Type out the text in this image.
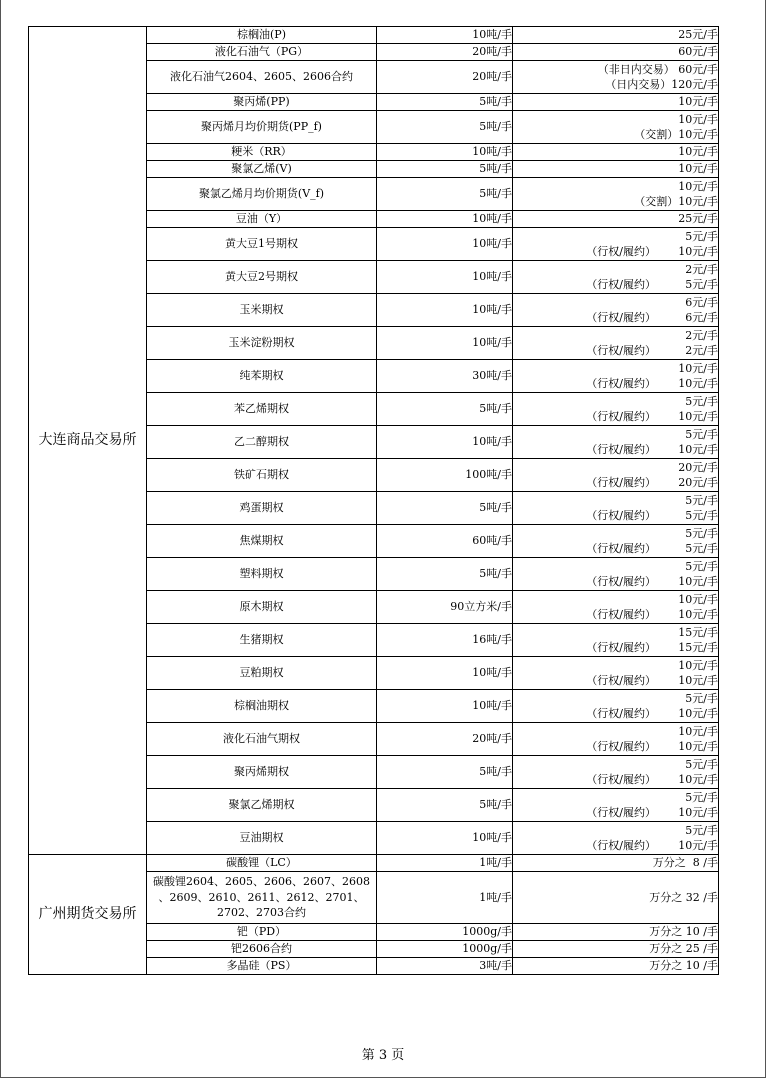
大连商品交易所	棕榈油(P)	10吨/手	25元/手

	液化石油气（PG）	20吨/手	60元/手

	液化石油气2604、2605、2606合约	20吨/手	（非日内交易） 60元/手
（日内交易）120元/手

	聚丙烯(PP)	5吨/手	10元/手

	聚丙烯月均价期货(PP_f)	5吨/手	10元/手
（交割）10元/手

	粳米（RR）	10吨/手	10元/手

	聚氯乙烯(V)	5吨/手	10元/手

	聚氯乙烯月均价期货(V_f)	5吨/手	10元/手
（交割）10元/手

	豆油（Y）	10吨/手	25元/手

	黄大豆1号期权	10吨/手	5元/手
（行权/履约） 10元/手

	黄大豆2号期权	10吨/手	2元/手
（行权/履约） 5元/手

	玉米期权	10吨/手	6元/手
（行权/履约） 6元/手

	玉米淀粉期权	10吨/手	2元/手
（行权/履约） 2元/手

	纯苯期权	30吨/手	10元/手
（行权/履约） 10元/手

	苯乙烯期权	5吨/手	5元/手
（行权/履约） 10元/手

	乙二醇期权	10吨/手	5元/手
（行权/履约） 10元/手

	铁矿石期权	100吨/手	20元/手
（行权/履约） 20元/手

	鸡蛋期权	5吨/手	5元/手
（行权/履约） 5元/手

	焦煤期权	60吨/手	5元/手
（行权/履约） 5元/手

	塑料期权	5吨/手	5元/手
（行权/履约） 10元/手

	原木期权	90立方米/手	10元/手
（行权/履约） 10元/手

	生猪期权	16吨/手	15元/手
（行权/履约） 15元/手

	豆粕期权	10吨/手	10元/手
（行权/履约） 10元/手

	棕榈油期权	10吨/手	5元/手
（行权/履约） 10元/手

	液化石油气期权	20吨/手	10元/手
（行权/履约） 10元/手

	聚丙烯期权	5吨/手	5元/手
（行权/履约） 10元/手

	聚氯乙烯期权	5吨/手	5元/手
（行权/履约） 10元/手

	豆油期权	10吨/手	5元/手
（行权/履约） 10元/手

广州期货交易所	碳酸锂（LC）	1吨/手	万分之  8 /手

	碳酸锂2604、2605、2606、2607、2608
、2609、2610、2611、2612、2701、
2702、2703合约	1吨/手	万分之 32 /手

	钯（PD）	1000g/手	万分之 10 /手

	钯2606合约	1000g/手	万分之 25 /手

	多晶硅（PS）	3吨/手	万分之 10 /手
第 3 页
